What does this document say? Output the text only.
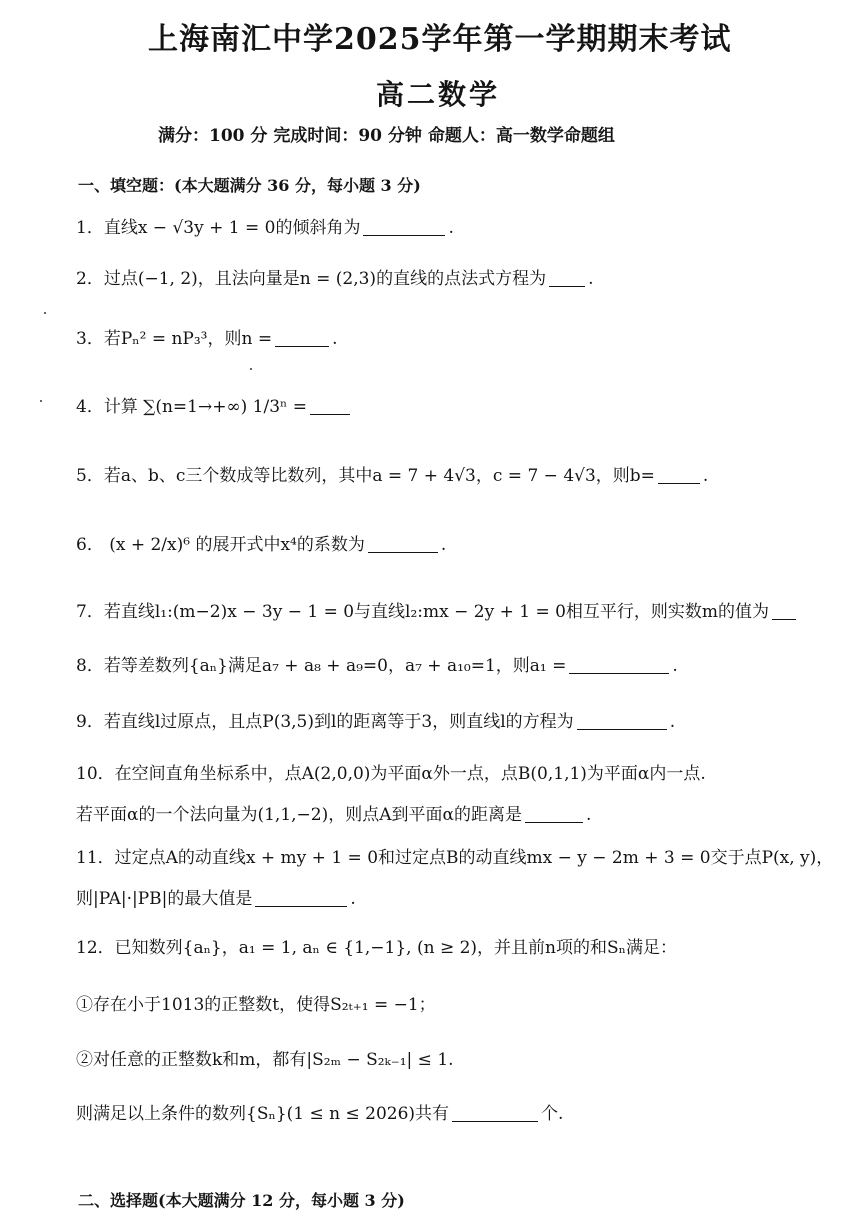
上海南汇中学2025学年第一学期期末考试
高二数学
满分：100 分 完成时间：90 分钟 命题人：高一数学命题组
一、填空题：(本大题满分 36 分，每小题 3 分)
1．直线x − √3y + 1 = 0的倾斜角为	.
2．过点(−1, 2)，且法向量是n = (2,3)的直线的点法式方程为 .
3．若Pₙ² = nP₃³，则n =	.
4．计算 ∑(n=1→+∞) 1/3ⁿ =
5．若a、b、c三个数成等比数列，其中a = 7 + 4√3，c = 7 − 4√3，则b=	.
6． (x + 2/x)⁶ 的展开式中x⁴的系数为	.
7．若直线l₁:(m−2)x − 3y − 1 = 0与直线l₂:mx − 2y + 1 = 0相互平行，则实数m的值为
8．若等差数列{aₙ}满足a₇ + a₈ + a₉=0，a₇ + a₁₀=1，则a₁ =	.
9．若直线l过原点，且点P(3,5)到l的距离等于3，则直线l的方程为	.
10．在空间直角坐标系中，点A(2,0,0)为平面α外一点，点B(0,1,1)为平面α内一点.
若平面α的一个法向量为(1,1,−2)，则点A到平面α的距离是	.
11．过定点A的动直线x + my + 1 = 0和过定点B的动直线mx − y − 2m + 3 = 0交于点P(x, y)，
则|PA|·|PB|的最大值是	.
12．已知数列{aₙ}，a₁ = 1, aₙ ∈ {1,−1}, (n ≥ 2)，并且前n项的和Sₙ满足：
①存在小于1013的正整数t，使得S₂ₜ₊₁ = −1；
②对任意的正整数k和m，都有|S₂ₘ − S₂ₖ₋₁| ≤ 1.
则满足以上条件的数列{Sₙ}(1 ≤ n ≤ 2026)共有	个.
二、选择题(本大题满分 12 分，每小题 3 分)
